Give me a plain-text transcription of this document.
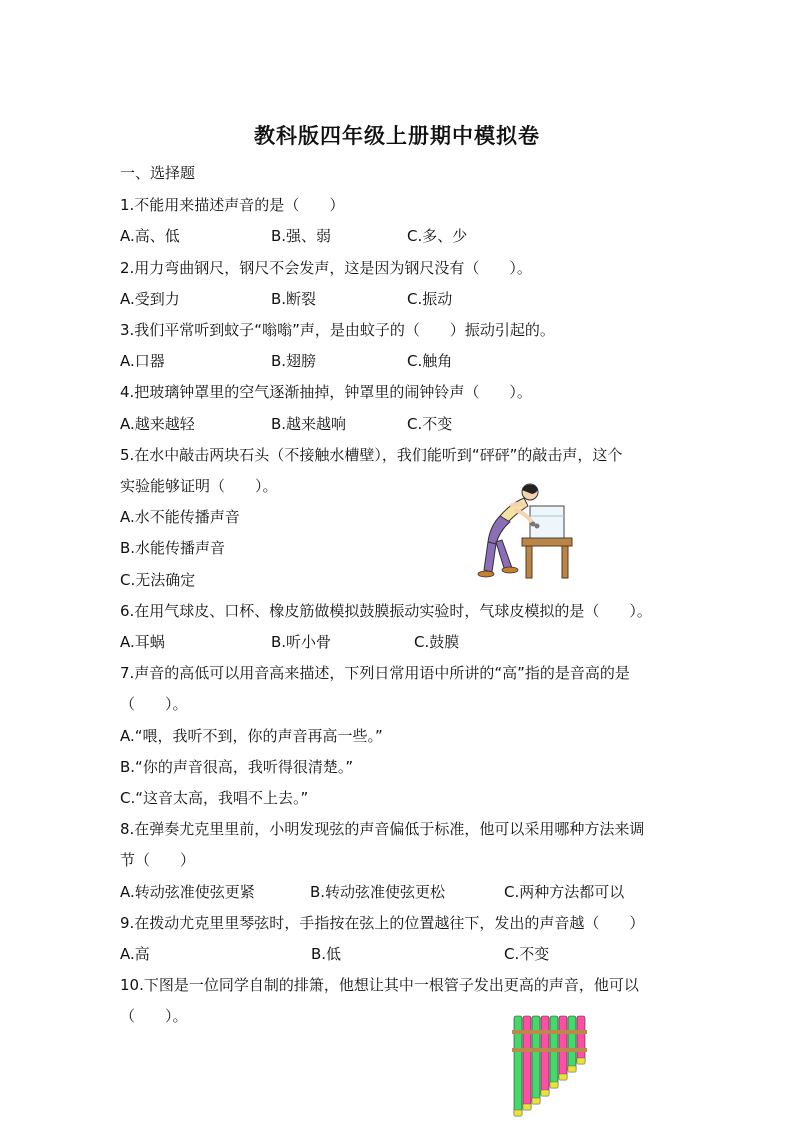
教科版四年级上册期中模拟卷
一、选择题
1.不能用来描述声音的是（　　）
A.高、低	B.强、弱	C.多、少
2.用力弯曲钢尺，钢尺不会发声，这是因为钢尺没有（　　）。
A.受到力	B.断裂	C.振动
3.我们平常听到蚊子“嗡嗡”声，是由蚊子的（　　）振动引起的。
A.口器	B.翅膀	C.触角
4.把玻璃钟罩里的空气逐渐抽掉，钟罩里的闹钟铃声（　　）。
A.越来越轻	B.越来越响	C.不变
5.在水中敲击两块石头（不接触水槽壁），我们能听到“砰砰”的敲击声，这个
实验能够证明（　　）。
A.水不能传播声音
B.水能传播声音
C.无法确定
6.在用气球皮、口杯、橡皮筋做模拟鼓膜振动实验时，气球皮模拟的是（　　）。
A.耳蜗	B.听小骨	C.鼓膜
7.声音的高低可以用音高来描述，下列日常用语中所讲的“高”指的是音高的是
（　　）。
A.“喂，我听不到，你的声音再高一些。”
B.“你的声音很高，我听得很清楚。”
C.“这音太高，我唱不上去。”
8.在弹奏尤克里里前，小明发现弦的声音偏低于标准，他可以采用哪种方法来调
节（　　）
A.转动弦准使弦更紧	B.转动弦准使弦更松	C.两种方法都可以
9.在拨动尤克里里琴弦时，手指按在弦上的位置越往下，发出的声音越（　　）
A.高	B.低	C.不变
10.下图是一位同学自制的排箫，他想让其中一根管子发出更高的声音，他可以
（　　）。
